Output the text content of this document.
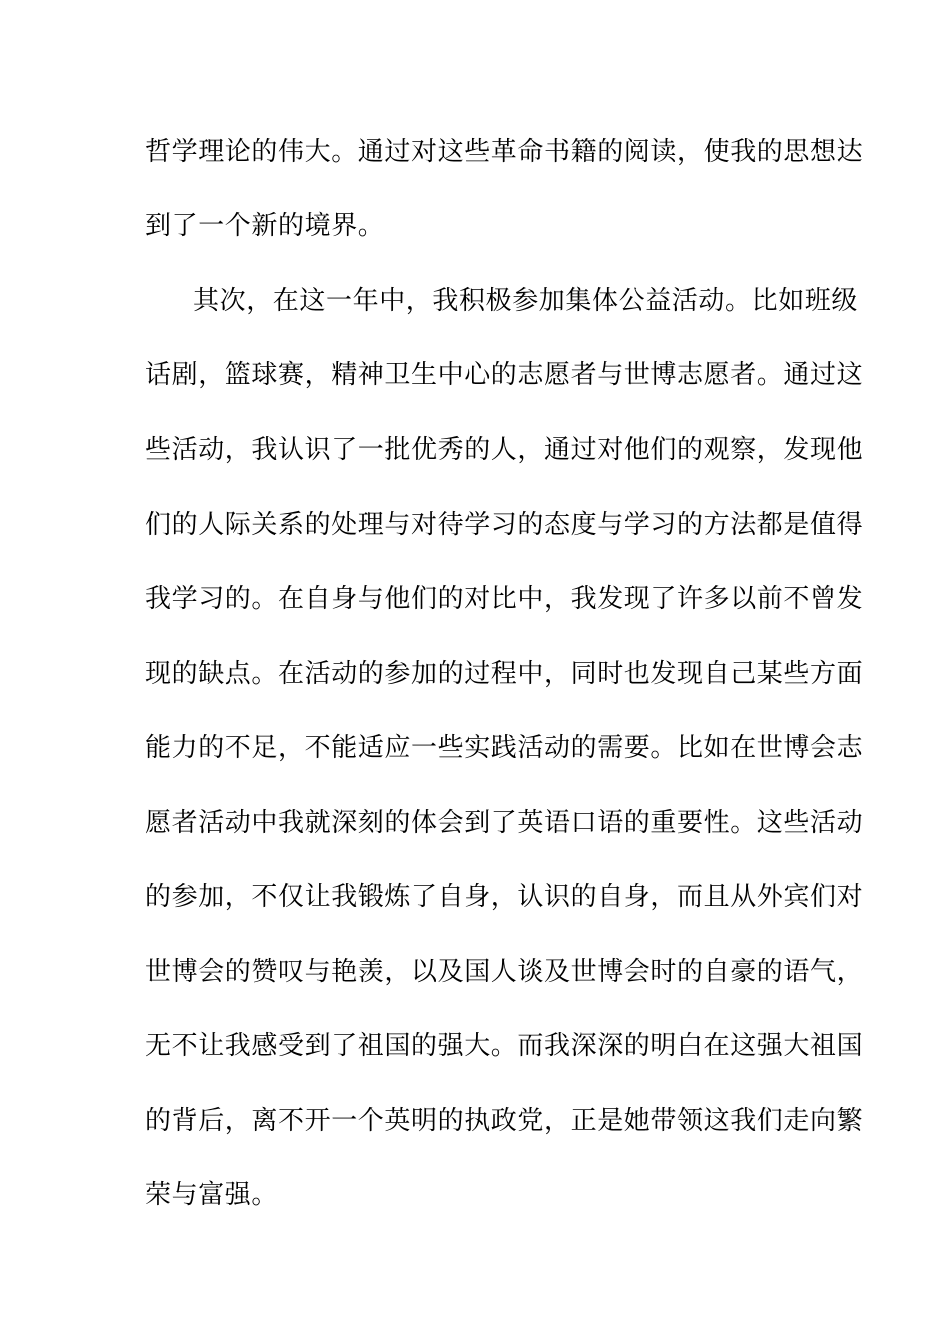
哲学理论的伟大。通过对这些革命书籍的阅读，使我的思想达
到了一个新的境界。
其次，在这一年中，我积极参加集体公益活动。比如班级
话剧，篮球赛，精神卫生中心的志愿者与世博志愿者。通过这
些活动，我认识了一批优秀的人，通过对他们的观察，发现他
们的人际关系的处理与对待学习的态度与学习的方法都是值得
我学习的。在自身与他们的对比中，我发现了许多以前不曾发
现的缺点。在活动的参加的过程中，同时也发现自己某些方面
能力的不足，不能适应一些实践活动的需要。比如在世博会志
愿者活动中我就深刻的体会到了英语口语的重要性。这些活动
的参加，不仅让我锻炼了自身，认识的自身，而且从外宾们对
世博会的赞叹与艳羡，以及国人谈及世博会时的自豪的语气，
无不让我感受到了祖国的强大。而我深深的明白在这强大祖国
的背后，离不开一个英明的执政党，正是她带领这我们走向繁
荣与富强。
